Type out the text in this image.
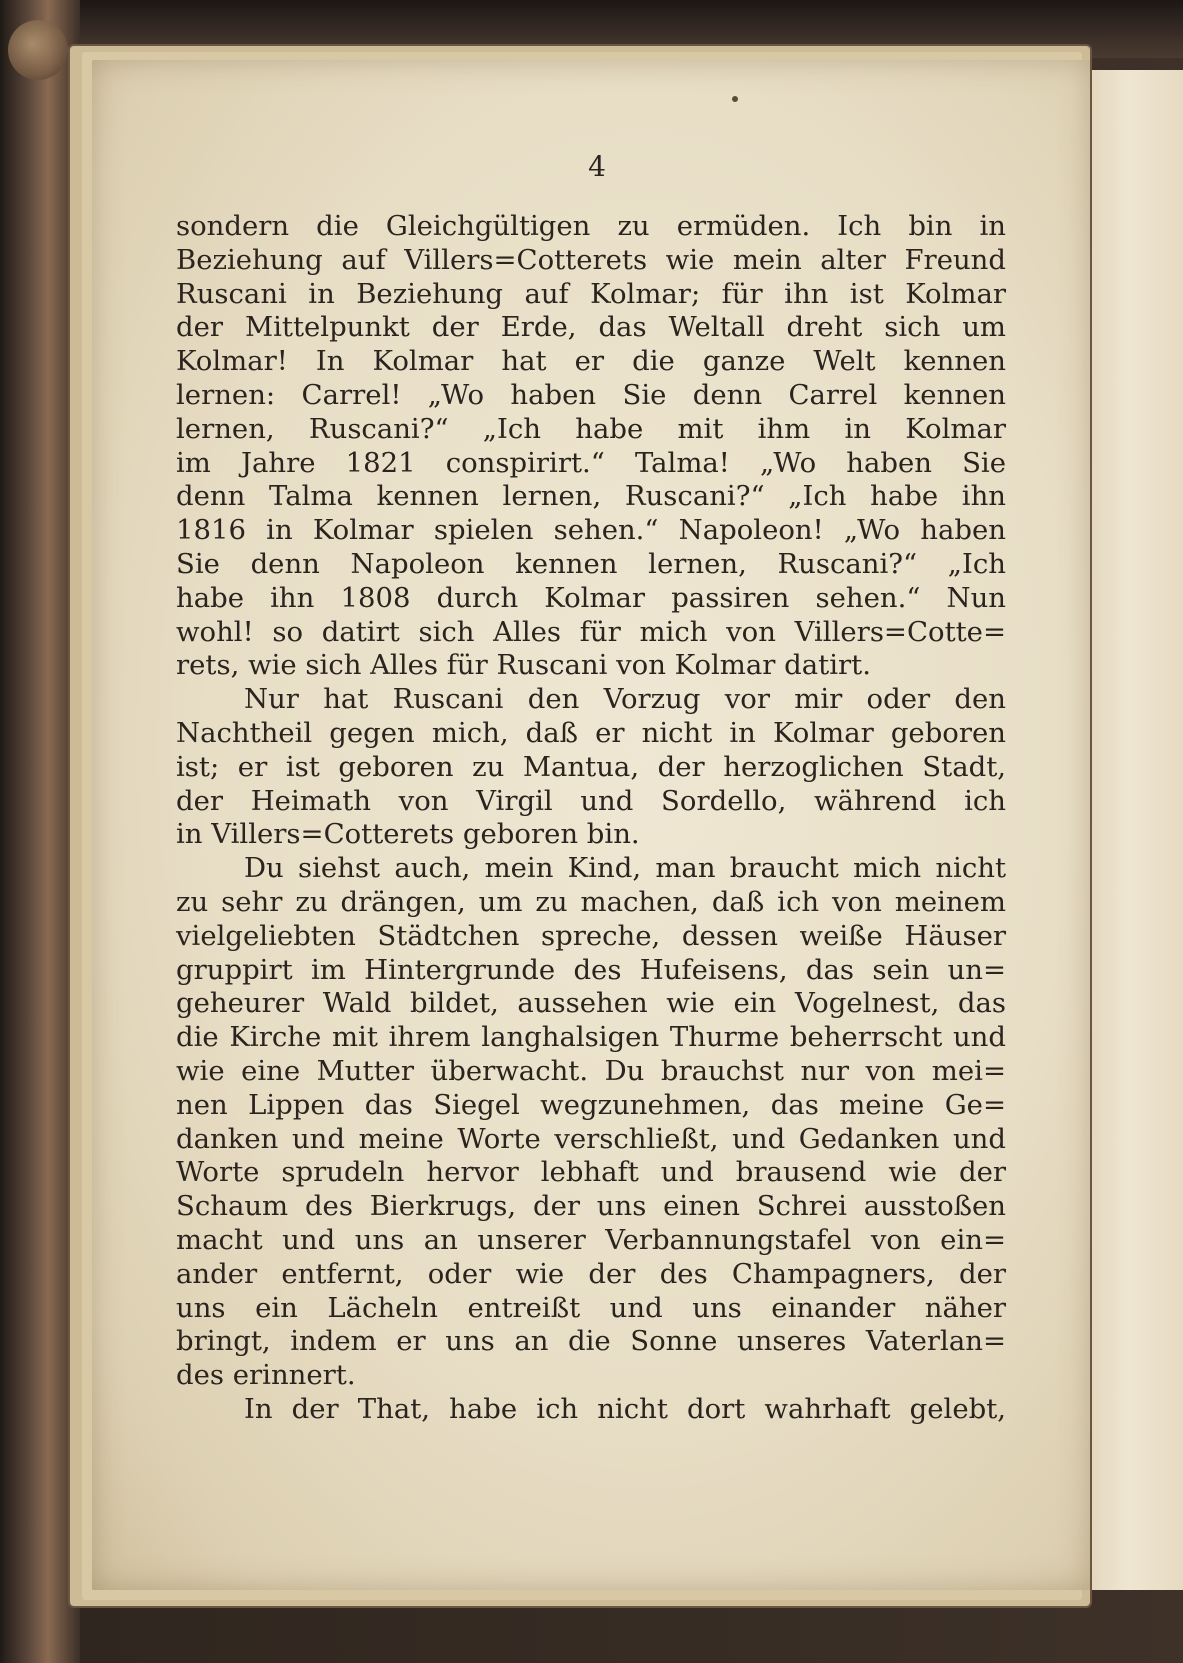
4

sondern die Gleichgültigen zu ermüden. Ich bin in

Beziehung auf Villers=Cotterets wie mein alter Freund

Ruscani in Beziehung auf Kolmar; für ihn ist Kolmar

der Mittelpunkt der Erde, das Weltall dreht sich um

Kolmar! In Kolmar hat er die ganze Welt kennen

lernen: Carrel! „Wo haben Sie denn Carrel kennen

lernen, Ruscani?“ „Ich habe mit ihm in Kolmar

im Jahre 1821 conspirirt.“ Talma! „Wo haben Sie

denn Talma kennen lernen, Ruscani?“ „Ich habe ihn

1816 in Kolmar spielen sehen.“ Napoleon! „Wo haben

Sie denn Napoleon kennen lernen, Ruscani?“ „Ich

habe ihn 1808 durch Kolmar passiren sehen.“ Nun

wohl! so datirt sich Alles für mich von Villers=Cotte=

rets, wie sich Alles für Ruscani von Kolmar datirt.

Nur hat Ruscani den Vorzug vor mir oder den

Nachtheil gegen mich, daß er nicht in Kolmar geboren

ist; er ist geboren zu Mantua, der herzoglichen Stadt,

der Heimath von Virgil und Sordello, während ich

in Villers=Cotterets geboren bin.

Du siehst auch, mein Kind, man braucht mich nicht

zu sehr zu drängen, um zu machen, daß ich von meinem

vielgeliebten Städtchen spreche, dessen weiße Häuser

gruppirt im Hintergrunde des Hufeisens, das sein un=

geheurer Wald bildet, aussehen wie ein Vogelnest, das

die Kirche mit ihrem langhalsigen Thurme beherrscht und

wie eine Mutter überwacht. Du brauchst nur von mei=

nen Lippen das Siegel wegzunehmen, das meine Ge=

danken und meine Worte verschließt, und Gedanken und

Worte sprudeln hervor lebhaft und brausend wie der

Schaum des Bierkrugs, der uns einen Schrei ausstoßen

macht und uns an unserer Verbannungstafel von ein=

ander entfernt, oder wie der des Champagners, der

uns ein Lächeln entreißt und uns einander näher

bringt, indem er uns an die Sonne unseres Vaterlan=

des erinnert.

In der That, habe ich nicht dort wahrhaft gelebt,
